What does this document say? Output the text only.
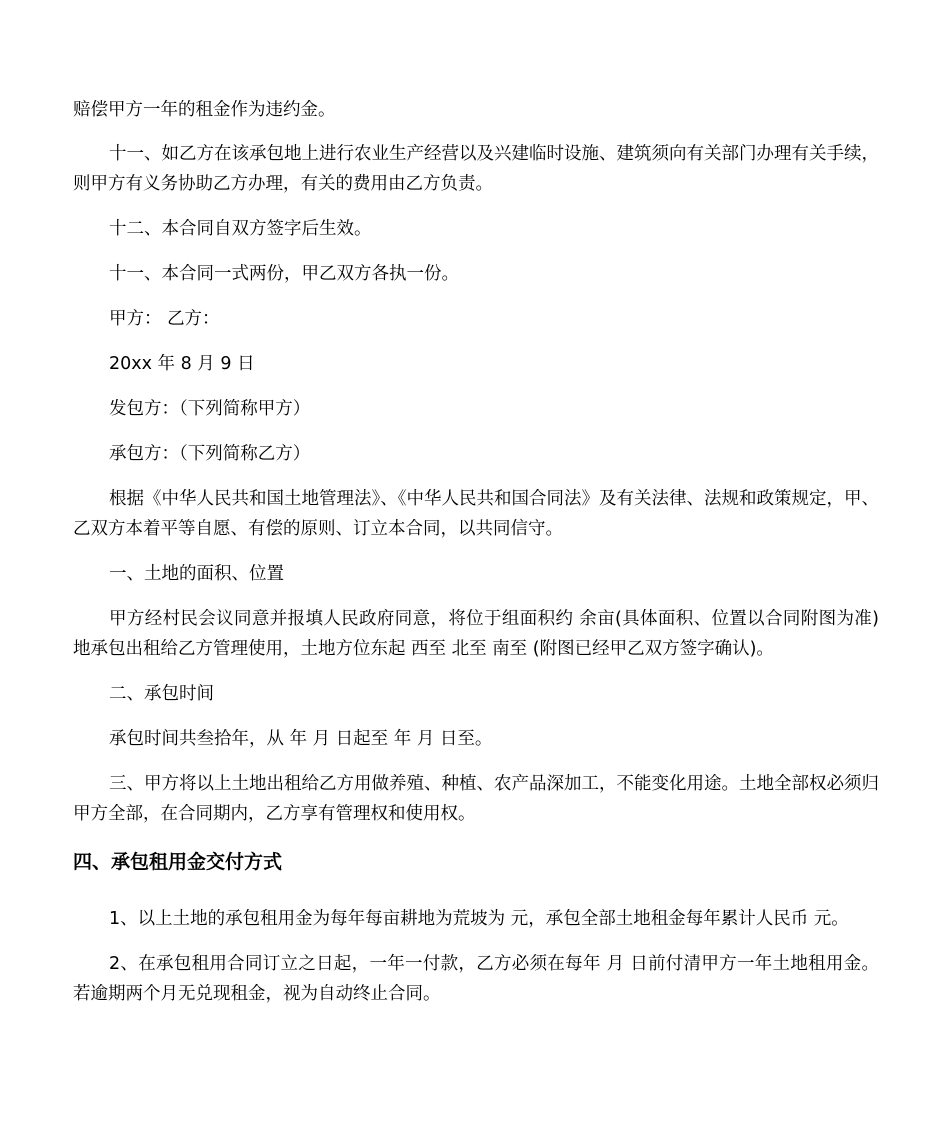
赔偿甲方一年的租金作为违约金。

十一、如乙方在该承包地上进行农业生产经营以及兴建临时设施、建筑须向有关部门办理有关手续，则甲方有义务协助乙方办理，有关的费用由乙方负责。

十二、本合同自双方签字后生效。

十一、本合同一式两份，甲乙双方各执一份。

甲方： 乙方：

20xx 年 8 月 9 日

发包方：（下列简称甲方）

承包方：（下列简称乙方）

根据《中华人民共和国土地管理法》、《中华人民共和国合同法》及有关法律、法规和政策规定，甲、乙双方本着平等自愿、有偿的原则、订立本合同，以共同信守。

一、土地的面积、位置

甲方经村民会议同意并报填人民政府同意，将位于组面积约 余亩(具体面积、位置以合同附图为准)地承包出租给乙方管理使用，土地方位东起 西至 北至 南至 (附图已经甲乙双方签字确认)。

二、承包时间

承包时间共叁拾年，从 年 月 日起至 年 月 日至。

三、甲方将以上土地出租给乙方用做养殖、种植、农产品深加工，不能变化用途。土地全部权必须归甲方全部，在合同期内，乙方享有管理权和使用权。

四、承包租用金交付方式

1、以上土地的承包租用金为每年每亩耕地为荒坡为 元，承包全部土地租金每年累计人民币 元。

2、在承包租用合同订立之日起，一年一付款，乙方必须在每年 月 日前付清甲方一年土地租用金。若逾期两个月无兑现租金，视为自动终止合同。
